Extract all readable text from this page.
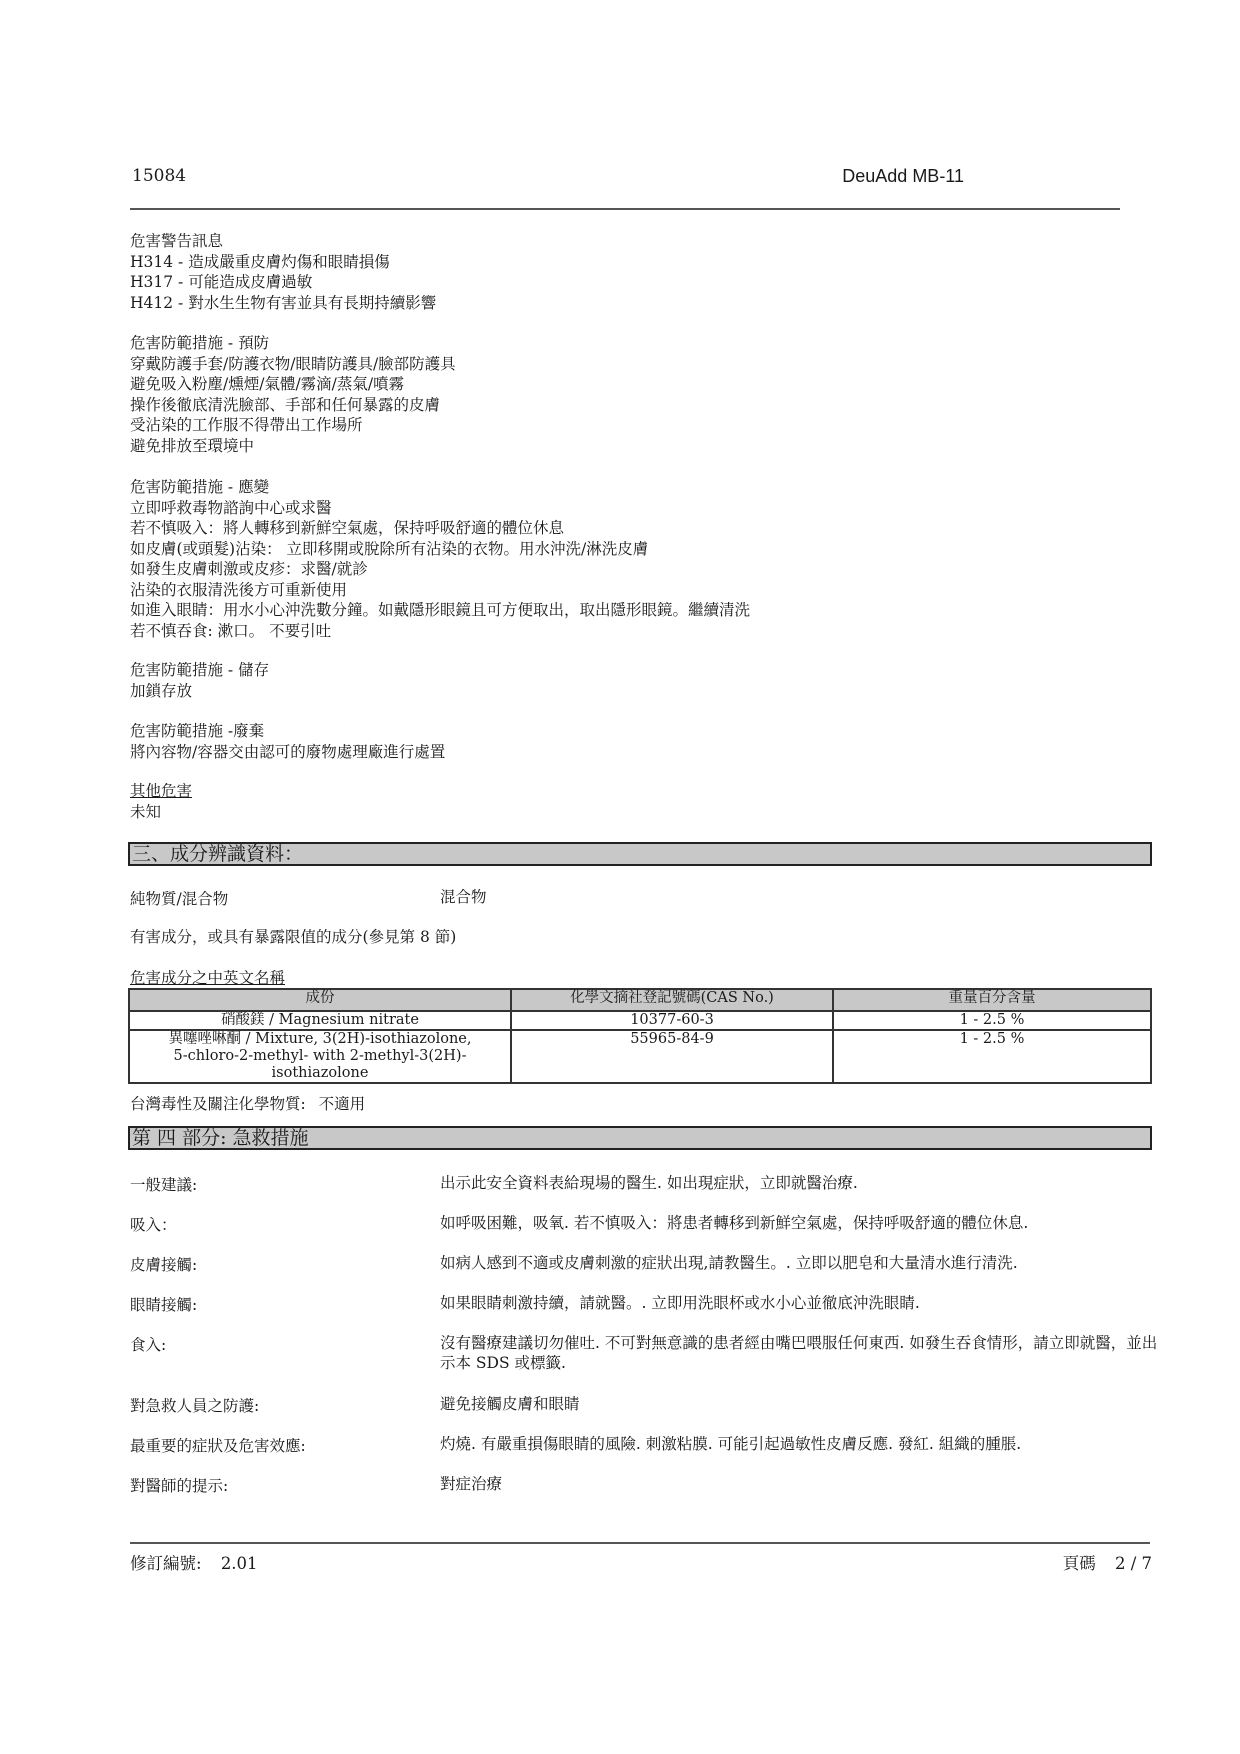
15084	DeuAdd MB-11
危害警告訊息
H314 - 造成嚴重皮膚灼傷和眼睛損傷
H317 - 可能造成皮膚過敏
H412 - 對水生生物有害並具有長期持續影響
危害防範措施 - 預防
穿戴防護手套/防護衣物/眼睛防護具/臉部防護具
避免吸入粉塵/燻煙/氣體/霧滴/蒸氣/噴霧
操作後徹底清洗臉部、手部和任何暴露的皮膚
受沾染的工作服不得帶出工作場所
避免排放至環境中
危害防範措施 - 應變
立即呼救毒物諮詢中心或求醫
若不慎吸入：將人轉移到新鮮空氣處，保持呼吸舒適的體位休息
如皮膚(或頭髮)沾染： 立即移開或脫除所有沾染的衣物。用水沖洗/淋洗皮膚
如發生皮膚刺激或皮疹：求醫/就診
沾染的衣服清洗後方可重新使用
如進入眼睛：用水小心沖洗數分鐘。如戴隱形眼鏡且可方便取出，取出隱形眼鏡。繼續清洗
若不慎吞食: 漱口。 不要引吐
危害防範措施 - 儲存
加鎖存放
危害防範措施 -廢棄
將內容物/容器交由認可的廢物處理廠進行處置
其他危害
未知
三、成分辨識資料：
純物質/混合物	混合物
有害成分，或具有暴露限值的成分(參見第 8 節)
危害成分之中英文名稱
成份	化學文摘社登記號碼(CAS No.)	重量百分含量

硝酸鎂 / Magnesium nitrate	10377-60-3	1 - 2.5 %

異噻唑啉酮 / Mixture, 3(2H)-isothiazolone,
5-chloro-2-methyl- with 2-methyl-3(2H)-isothiazolone	55965-84-9	1 - 2.5 %
台灣毒性及關注化學物質: 不適用
第 四 部分: 急救措施
一般建議:	出示此安全資料表給現場的醫生. 如出現症狀，立即就醫治療.
吸入：	如呼吸困難，吸氧. 若不慎吸入：將患者轉移到新鮮空氣處，保持呼吸舒適的體位休息.
皮膚接觸:	如病人感到不適或皮膚刺激的症狀出現,請教醫生。. 立即以肥皂和大量清水進行清洗.
眼睛接觸:	如果眼睛刺激持續，請就醫。. 立即用洗眼杯或水小心並徹底沖洗眼睛.
食入:	沒有醫療建議切勿催吐. 不可對無意識的患者經由嘴巴喂服任何東西. 如發生吞食情形，請立即就醫，並出示本 SDS 或標籤.
對急救人員之防護:	避免接觸皮膚和眼睛
最重要的症狀及危害效應:	灼燒. 有嚴重損傷眼睛的風險. 刺激粘膜. 可能引起過敏性皮膚反應. 發紅. 組織的腫脹.
對醫師的提示:	對症治療
修訂編號: 2.01	頁碼 2 / 7
